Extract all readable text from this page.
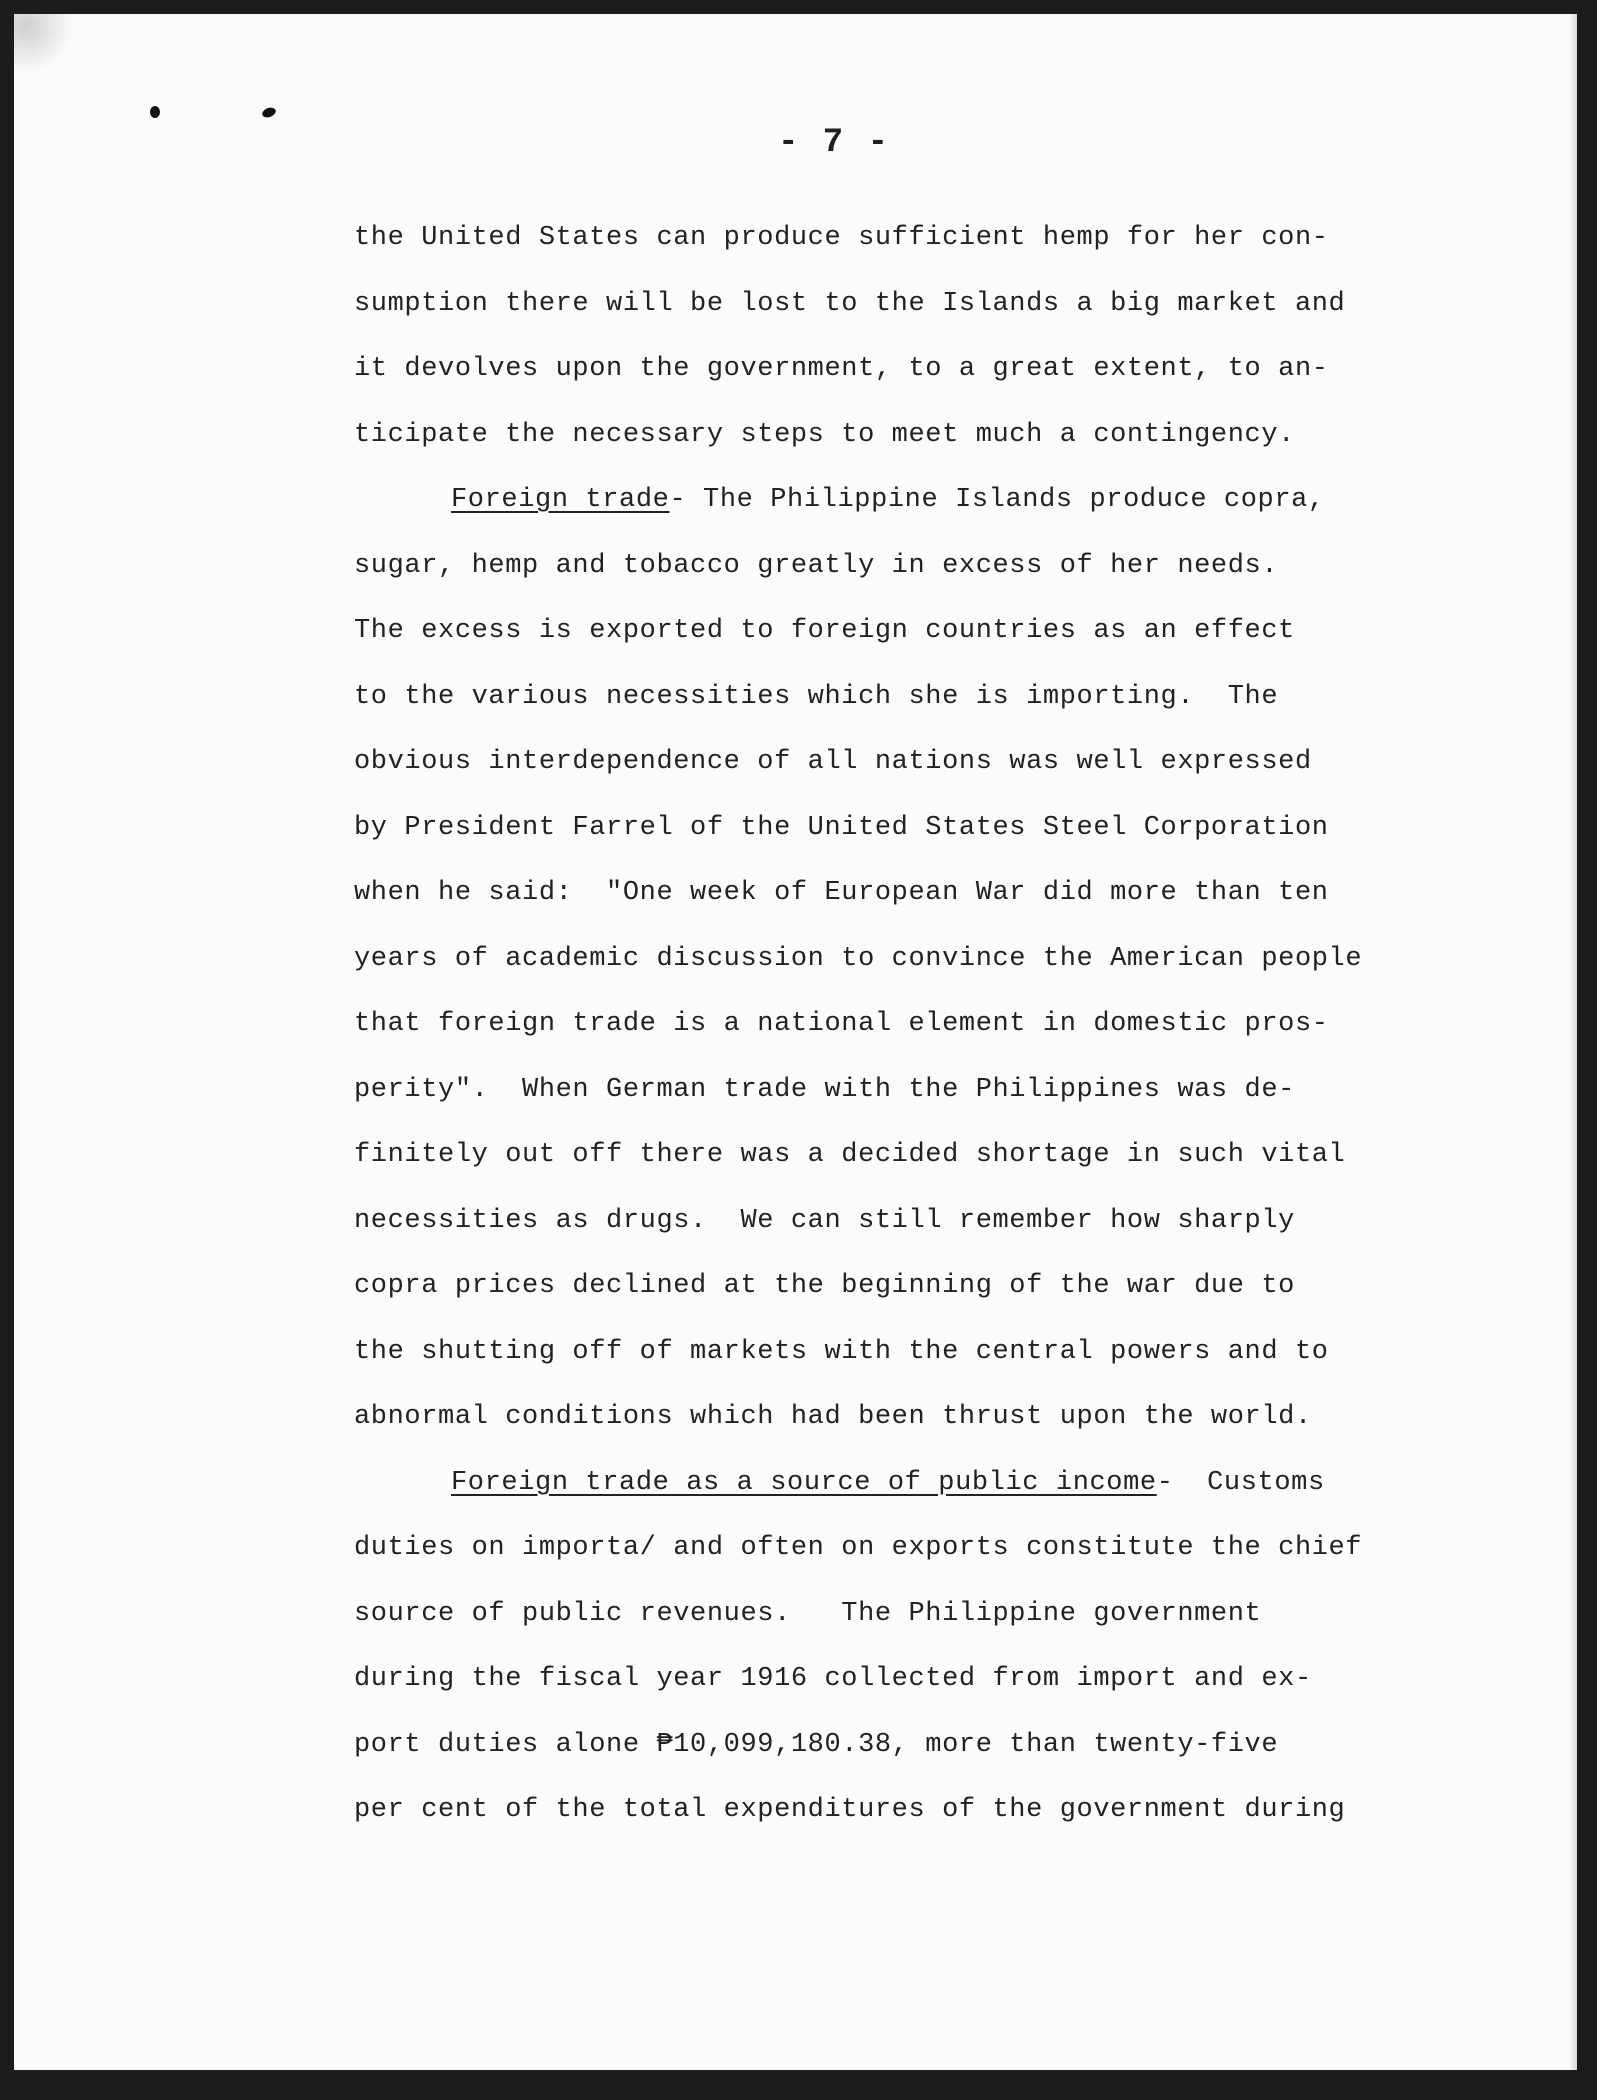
- 7 -
the United States can produce sufficient hemp for her con-
sumption there will be lost to the Islands a big market and
it devolves upon the government, to a great extent, to an-
ticipate the necessary steps to meet much a contingency.
Foreign trade- The Philippine Islands produce copra,
sugar, hemp and tobacco greatly in excess of her needs.
The excess is exported to foreign countries as an effect
to the various necessities which she is importing.  The
obvious interdependence of all nations was well expressed
by President Farrel of the United States Steel Corporation
when he said:  "One week of European War did more than ten
years of academic discussion to convince the American people
that foreign trade is a national element in domestic pros-
perity".  When German trade with the Philippines was de-
finitely out off there was a decided shortage in such vital
necessities as drugs.  We can still remember how sharply
copra prices declined at the beginning of the war due to
the shutting off of markets with the central powers and to
abnormal conditions which had been thrust upon the world.
Foreign trade as a source of public income-  Customs
duties on importa/ and often on exports constitute the chief
source of public revenues.   The Philippine government
during the fiscal year 1916 collected from import and ex-
port duties alone ₱10,099,180.38, more than twenty-five
per cent of the total expenditures of the government during
